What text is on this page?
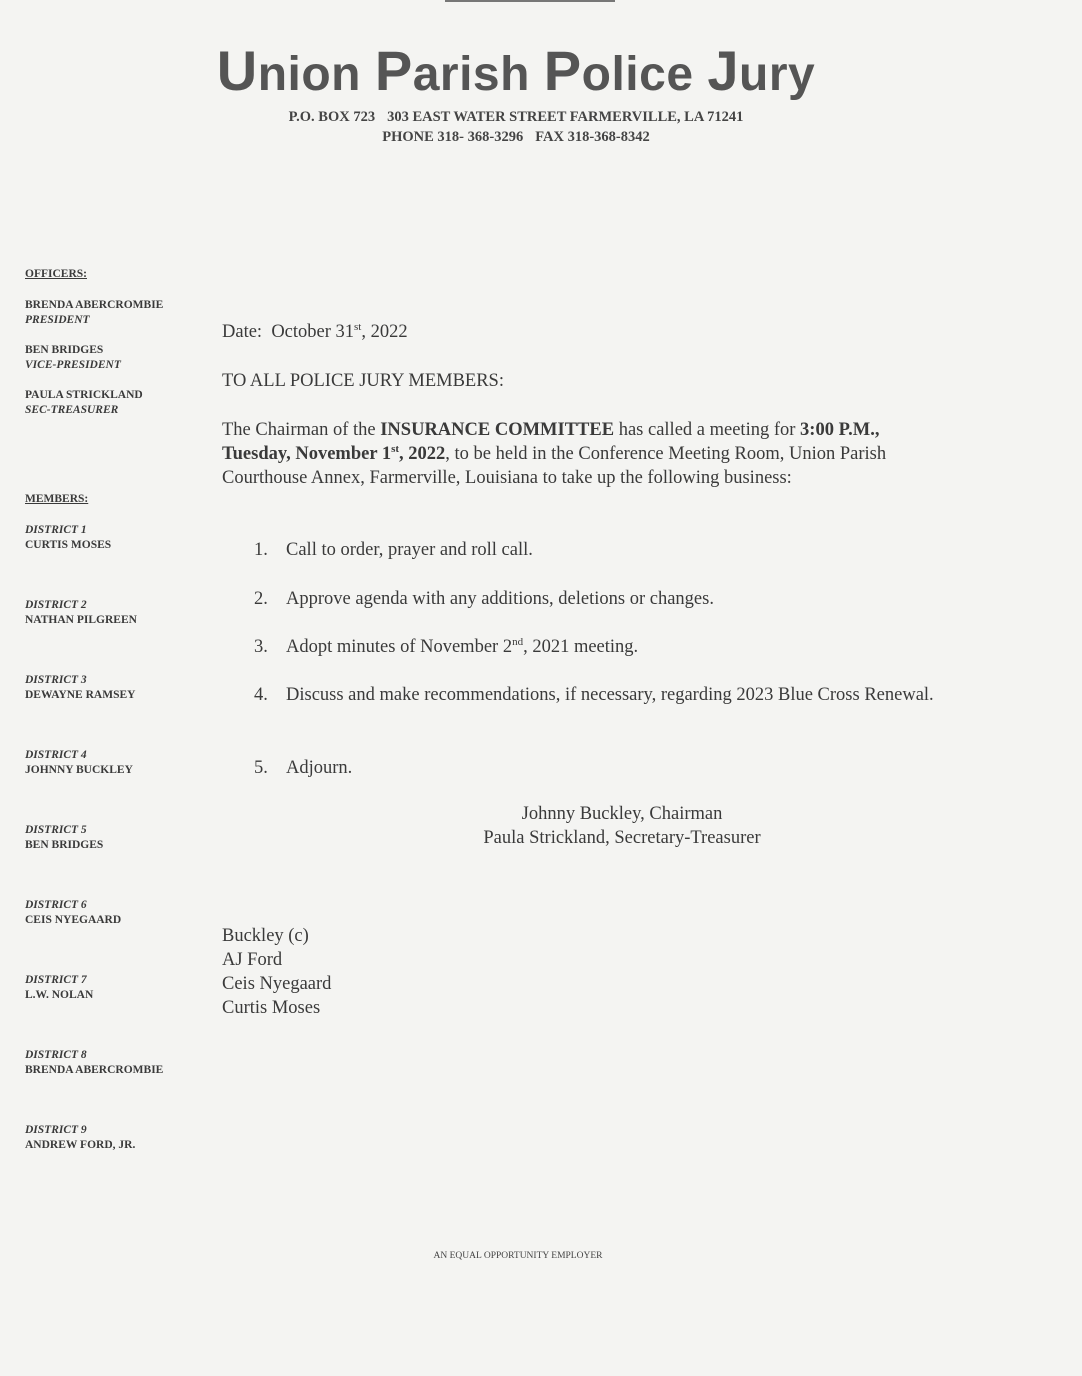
Union Parish Police Jury
P.O. BOX 723 303 EAST WATER STREET FARMERVILLE, LA 71241
PHONE 318- 368-3296 FAX 318-368-8342
OFFICERS:
BRENDA ABERCROMBIE
PRESIDENT
BEN BRIDGES
VICE-PRESIDENT
PAULA STRICKLAND
SEC-TREASURER
MEMBERS:
DISTRICT 1
CURTIS MOSES
DISTRICT 2
NATHAN PILGREEN
DISTRICT 3
DEWAYNE RAMSEY
DISTRICT 4
JOHNNY BUCKLEY
DISTRICT 5
BEN BRIDGES
DISTRICT 6
CEIS NYEGAARD
DISTRICT 7
L.W. NOLAN
DISTRICT 8
BRENDA ABERCROMBIE
DISTRICT 9
ANDREW FORD, JR.
Date: October 31st, 2022
TO ALL POLICE JURY MEMBERS:
The Chairman of the INSURANCE COMMITTEE has called a meeting for 3:00 P.M., Tuesday, November 1st, 2022, to be held in the Conference Meeting Room, Union Parish Courthouse Annex, Farmerville, Louisiana to take up the following business:
1. Call to order, prayer and roll call.
2. Approve agenda with any additions, deletions or changes.
3. Adopt minutes of November 2nd, 2021 meeting.
4. Discuss and make recommendations, if necessary, regarding 2023 Blue Cross Renewal.
5. Adjourn.
Johnny Buckley, Chairman
Paula Strickland, Secretary-Treasurer
Buckley (c)
AJ Ford
Ceis Nyegaard
Curtis Moses
AN EQUAL OPPORTUNITY EMPLOYER
